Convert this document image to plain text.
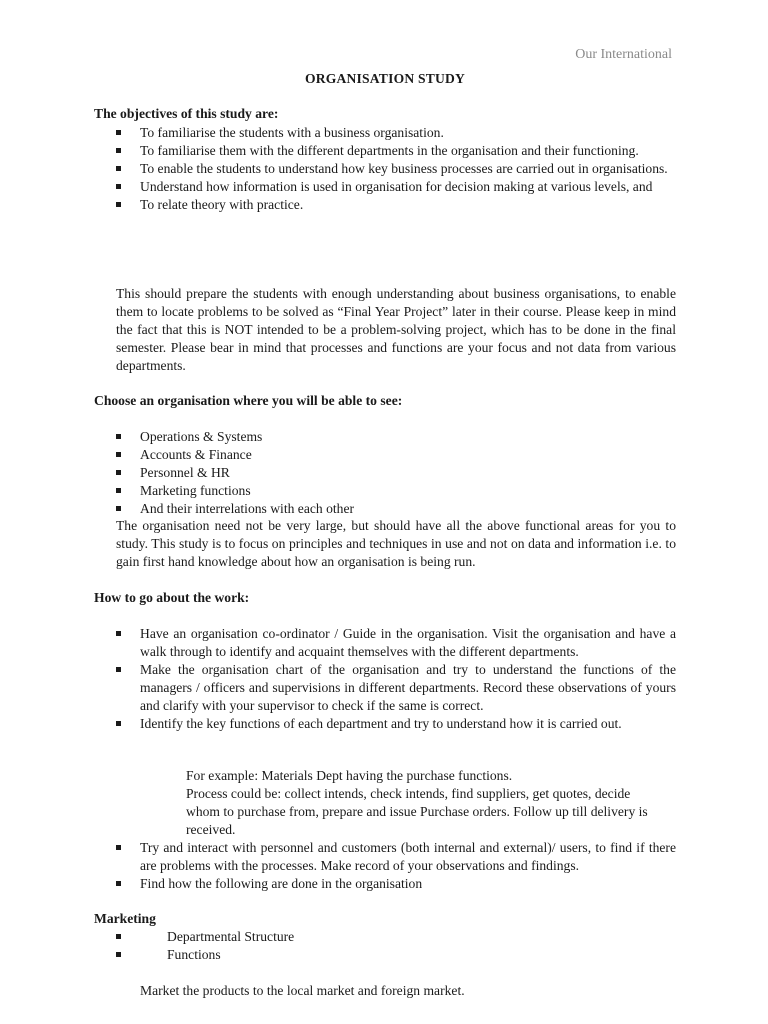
Our International
ORGANISATION STUDY
The objectives of this study are:
To familiarise the students with a business organisation.
To familiarise them with the different departments in the organisation and their functioning.
To enable the students to understand how key business processes are carried out in organisations.
Understand how information is used in organisation for decision making at various levels, and
To relate theory with practice.
This should prepare the students with enough understanding about business organisations, to enable them to locate problems to be solved as “Final Year Project” later in their course. Please keep in mind the fact that this is NOT intended to be a problem-solving project, which has to be done in the final semester. Please bear in mind that processes and functions are your focus and not data from various departments.
Choose an organisation where you will be able to see:
Operations & Systems
Accounts & Finance
Personnel & HR
Marketing functions
And their interrelations with each other
The organisation need not be very large, but should have all the above functional areas for you to study. This study is to focus on principles and techniques in use and not on data and information i.e. to gain first hand knowledge about how an organisation is being run.
How to go about the work:
Have an organisation co-ordinator / Guide in the organisation. Visit the organisation and have a walk through to identify and acquaint themselves with the different departments.
Make the organisation chart of the organisation and try to understand the functions of the managers / officers and supervisions in different departments. Record these observations of yours and clarify with your supervisor to check if the same is correct.
Identify the key functions of each department and try to understand how it is carried out.
For example: Materials Dept having the purchase functions.
Process could be: collect intends, check intends, find suppliers, get quotes, decide whom to purchase from, prepare and issue Purchase orders. Follow up till delivery is received.
Try and interact with personnel and customers (both internal and external)/ users, to find if there are problems with the processes. Make record of your observations and findings.
Find how the following are done in the organisation
Marketing
Departmental Structure
Functions
Market the products to the local market and foreign market.
